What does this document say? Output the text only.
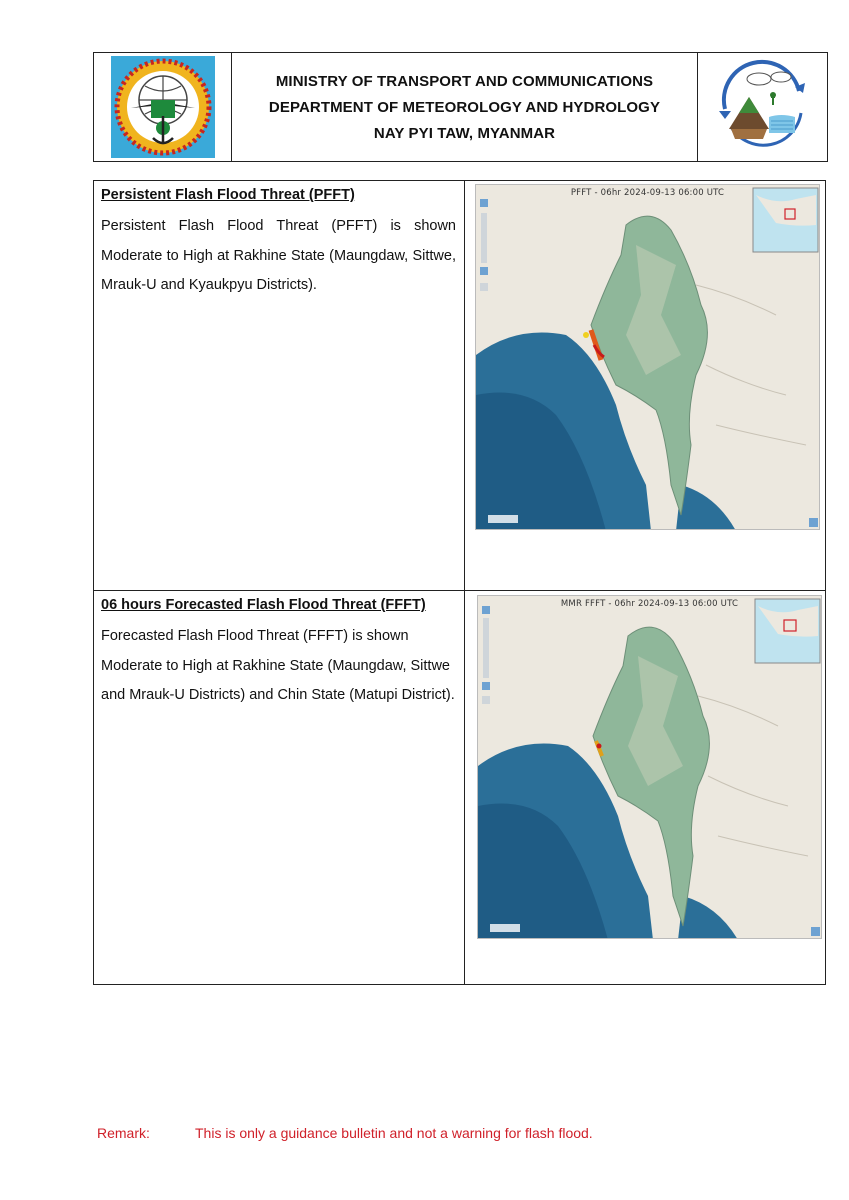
MINISTRY OF TRANSPORT AND COMMUNICATIONS
DEPARTMENT OF METEOROLOGY AND HYDROLOGY
NAY PYI TAW, MYANMAR
Persistent Flash Flood Threat (PFFT)
Persistent Flash Flood Threat (PFFT) is shown Moderate to High at Rakhine State (Maungdaw, Sittwe, Mrauk-U and Kyaukpyu Districts).
PFFT - 06hr 2024-09-13 06:00 UTC
06 hours Forecasted Flash Flood Threat (FFFT)
Forecasted Flash Flood Threat (FFFT) is shown Moderate to High at Rakhine State (Maungdaw, Sittwe and Mrauk-U Districts) and Chin State (Matupi District).
MMR FFFT - 06hr 2024-09-13 06:00 UTC
Remark:	This is only a guidance bulletin and not a warning for flash flood.
